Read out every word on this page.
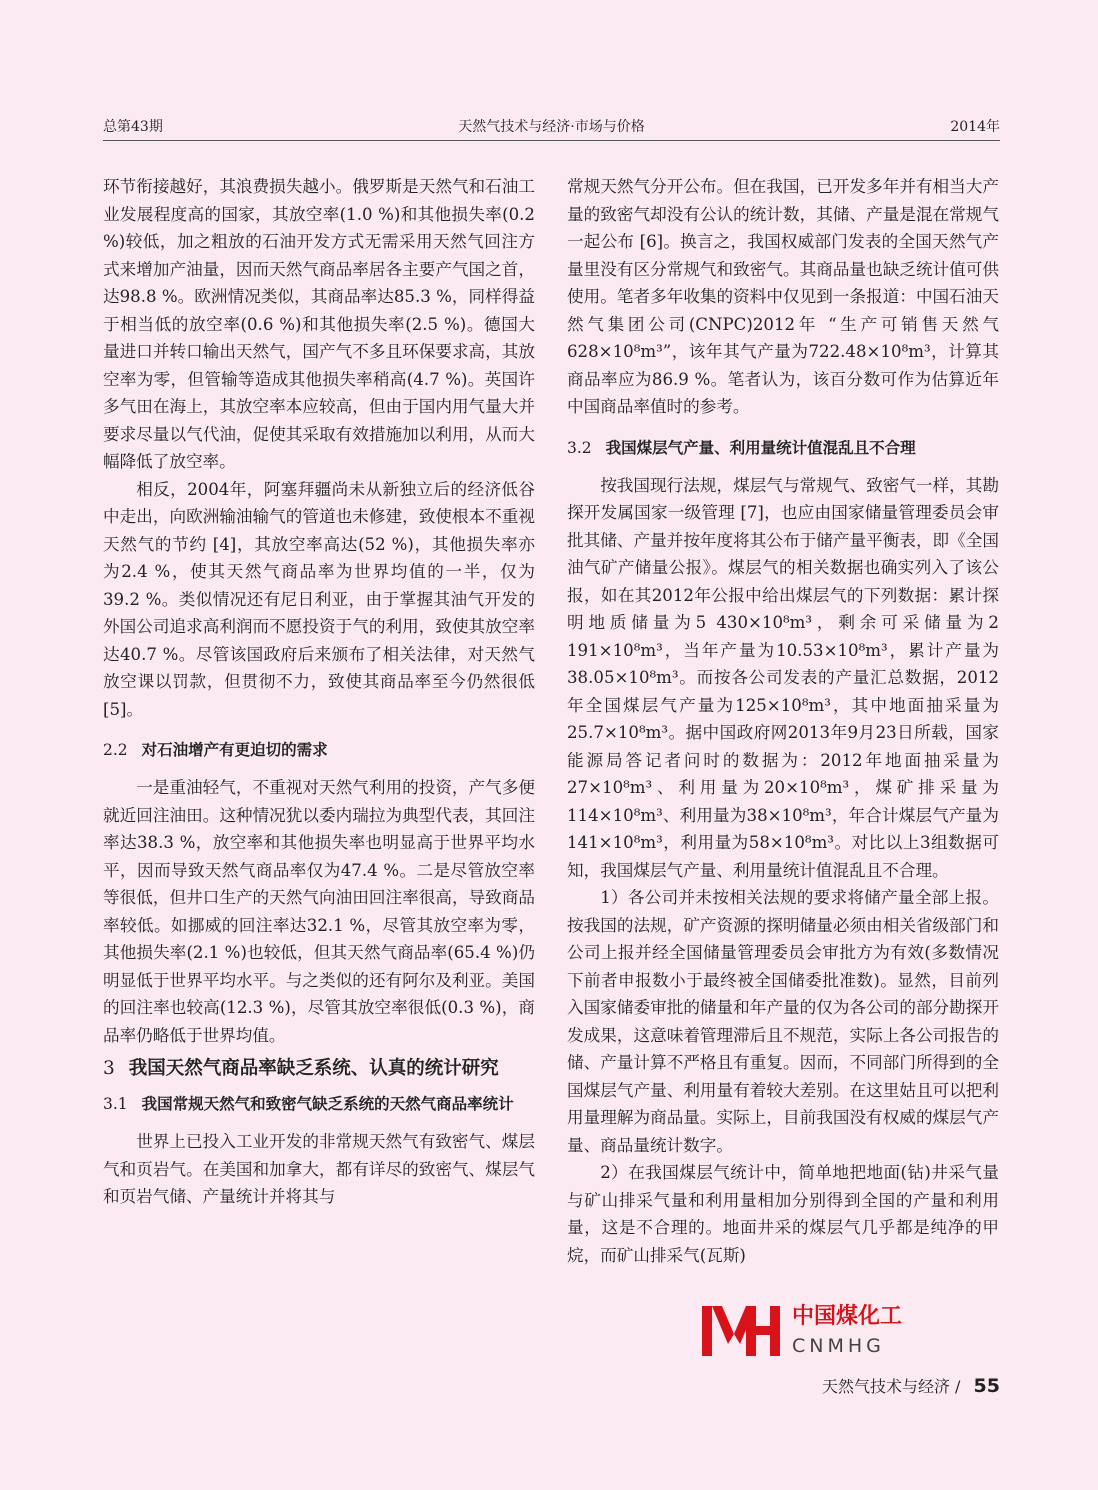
总第43期	天然气技术与经济·市场与价格	2014年

环节衔接越好，其浪费损失越小。俄罗斯是天然气和石油工业发展程度高的国家，其放空率(1.0 %)和其他损失率(0.2 %)较低，加之粗放的石油开发方式无需采用天然气回注方式来增加产油量，因而天然气商品率居各主要产气国之首，达98.8 %。欧洲情况类似，其商品率达85.3 %，同样得益于相当低的放空率(0.6 %)和其他损失率(2.5 %)。德国大量进口并转口输出天然气，国产气不多且环保要求高，其放空率为零，但管输等造成其他损失率稍高(4.7 %)。英国许多气田在海上，其放空率本应较高，但由于国内用气量大并要求尽量以气代油，促使其采取有效措施加以利用，从而大幅降低了放空率。

相反，2004年，阿塞拜疆尚未从新独立后的经济低谷中走出，向欧洲输油输气的管道也未修建，致使根本不重视天然气的节约 [4]，其放空率高达(52 %)，其他损失率亦为2.4 %，使其天然气商品率为世界均值的一半，仅为39.2 %。类似情况还有尼日利亚，由于掌握其油气开发的外国公司追求高利润而不愿投资于气的利用，致使其放空率达40.7 %。尽管该国政府后来颁布了相关法律，对天然气放空课以罚款，但贯彻不力，致使其商品率至今仍然很低 [5]。

2.2 对石油增产有更迫切的需求

一是重油轻气，不重视对天然气利用的投资，产气多便就近回注油田。这种情况犹以委内瑞拉为典型代表，其回注率达38.3 %，放空率和其他损失率也明显高于世界平均水平，因而导致天然气商品率仅为47.4 %。二是尽管放空率等很低，但井口生产的天然气向油田回注率很高，导致商品率较低。如挪威的回注率达32.1 %，尽管其放空率为零，其他损失率(2.1 %)也较低，但其天然气商品率(65.4 %)仍明显低于世界平均水平。与之类似的还有阿尔及利亚。美国的回注率也较高(12.3 %)，尽管其放空率很低(0.3 %)，商品率仍略低于世界均值。

3 我国天然气商品率缺乏系统、认真的统计研究
3.1 我国常规天然气和致密气缺乏系统的天然气商品率统计

世界上已投入工业开发的非常规天然气有致密气、煤层气和页岩气。在美国和加拿大，都有详尽的致密气、煤层气和页岩气储、产量统计并将其与

常规天然气分开公布。但在我国，已开发多年并有相当大产量的致密气却没有公认的统计数，其储、产量是混在常规气一起公布 [6]。换言之，我国权威部门发表的全国天然气产量里没有区分常规气和致密气。其商品量也缺乏统计值可供使用。笔者多年收集的资料中仅见到一条报道：中国石油天然气集团公司(CNPC)2012年 “生产可销售天然气628×10⁸m³”，该年其气产量为722.48×10⁸m³，计算其商品率应为86.9 %。笔者认为，该百分数可作为估算近年中国商品率值时的参考。

3.2 我国煤层气产量、利用量统计值混乱且不合理

按我国现行法规，煤层气与常规气、致密气一样，其勘探开发属国家一级管理 [7]，也应由国家储量管理委员会审批其储、产量并按年度将其公布于储产量平衡表，即《全国油气矿产储量公报》。煤层气的相关数据也确实列入了该公报，如在其2012年公报中给出煤层气的下列数据：累计探明地质储量为5 430×10⁸m³，剩余可采储量为2 191×10⁸m³，当年产量为10.53×10⁸m³，累计产量为38.05×10⁸m³。而按各公司发表的产量汇总数据，2012年全国煤层气产量为125×10⁸m³，其中地面抽采量为25.7×10⁸m³。据中国政府网2013年9月23日所载，国家能源局答记者问时的数据为：2012年地面抽采量为27×10⁸m³、利用量为20×10⁸m³，煤矿排采量为114×10⁸m³、利用量为38×10⁸m³，年合计煤层气产量为141×10⁸m³，利用量为58×10⁸m³。对比以上3组数据可知，我国煤层气产量、利用量统计值混乱且不合理。

1）各公司并未按相关法规的要求将储产量全部上报。按我国的法规，矿产资源的探明储量必须由相关省级部门和公司上报并经全国储量管理委员会审批方为有效(多数情况下前者申报数小于最终被全国储委批准数)。显然，目前列入国家储委审批的储量和年产量的仅为各公司的部分勘探开发成果，这意味着管理滞后且不规范，实际上各公司报告的储、产量计算不严格且有重复。因而，不同部门所得到的全国煤层气产量、利用量有着较大差别。在这里姑且可以把利用量理解为商品量。实际上，目前我国没有权威的煤层气产量、商品量统计数字。

2）在我国煤层气统计中，简单地把地面(钻)井采气量与矿山排采气量和利用量相加分别得到全国的产量和利用量，这是不合理的。地面井采的煤层气几乎都是纯净的甲烷，而矿山排采气(瓦斯)

中国煤化工
CNMHG
天然气技术与经济 / 55
